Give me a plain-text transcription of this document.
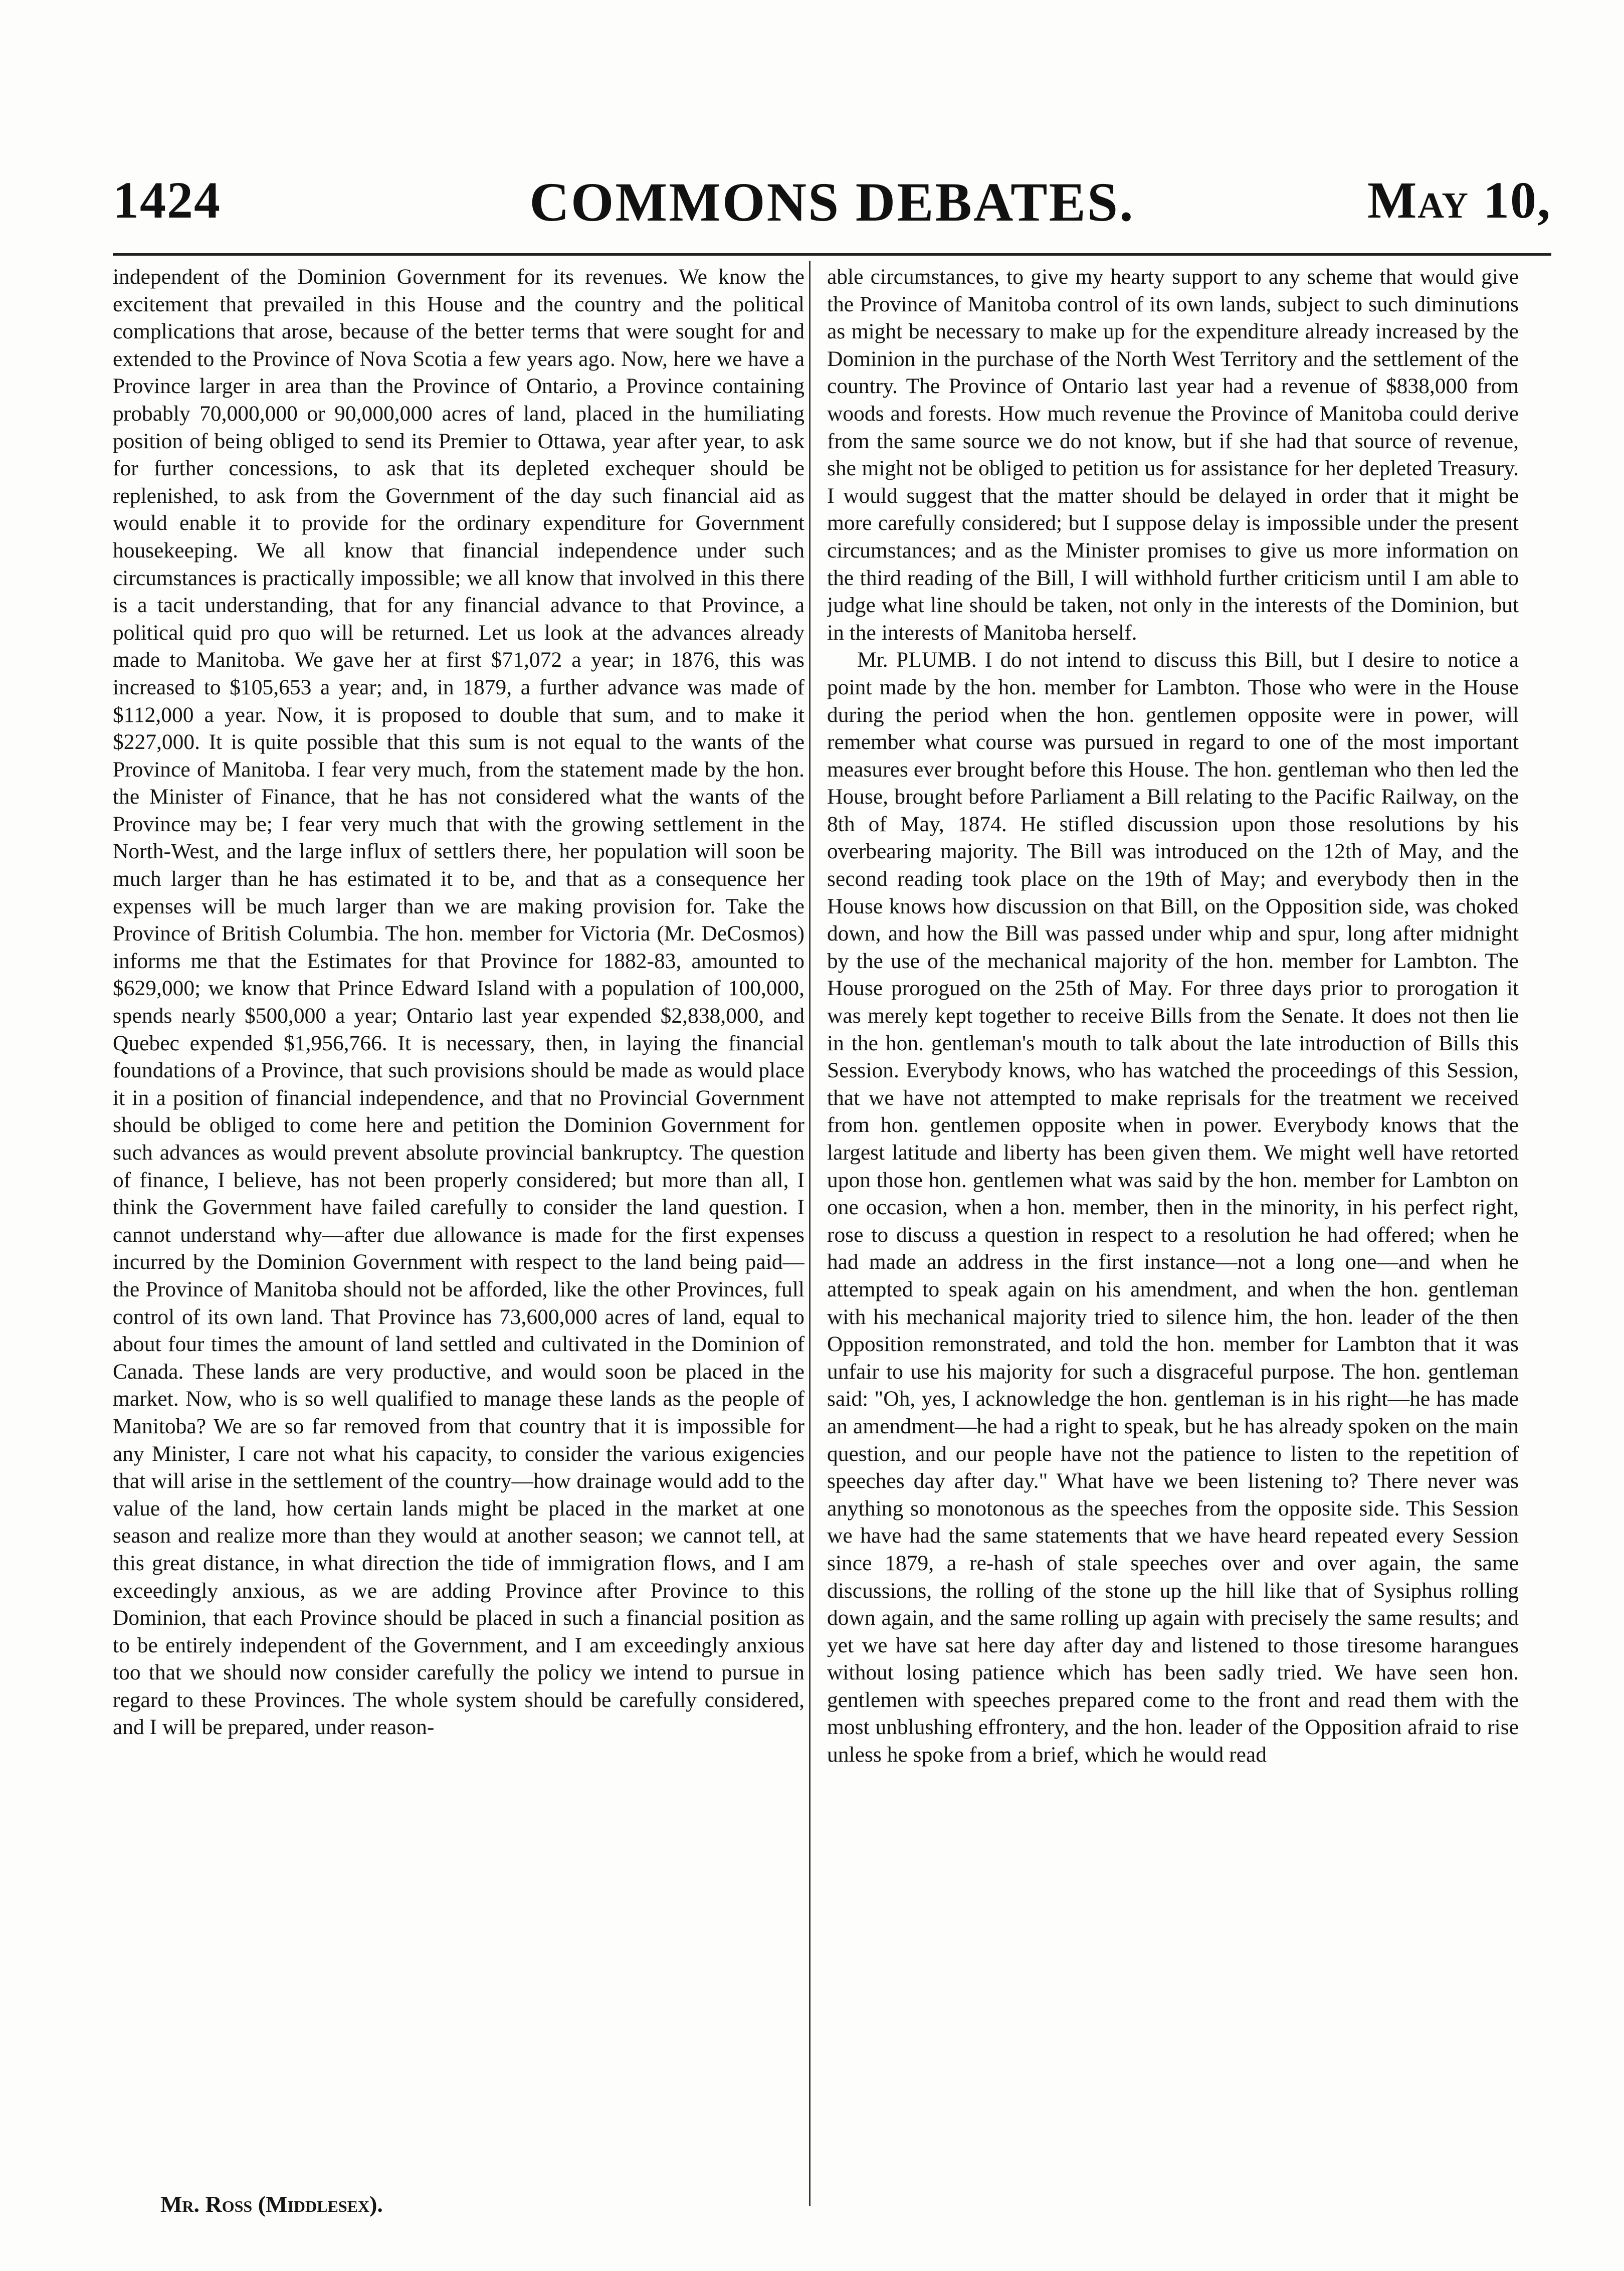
1424	COMMONS DEBATES.	May 10,

independent of the Dominion Government for its revenues. We know the excitement that prevailed in this House and the country and the political complications that arose, because of the better terms that were sought for and extended to the Province of Nova Scotia a few years ago. Now, here we have a Province larger in area than the Province of Ontario, a Province containing probably 70,000,000 or 90,000,000 acres of land, placed in the humiliating position of being obliged to send its Premier to Ottawa, year after year, to ask for further concessions, to ask that its depleted exchequer should be replenished, to ask from the Government of the day such financial aid as would enable it to provide for the ordinary expenditure for Government housekeeping. We all know that financial independence under such circumstances is practically impossible; we all know that involved in this there is a tacit understanding, that for any financial advance to that Province, a political quid pro quo will be returned. Let us look at the advances already made to Manitoba. We gave her at first $71,072 a year; in 1876, this was increased to $105,653 a year; and, in 1879, a further advance was made of $112,000 a year. Now, it is proposed to double that sum, and to make it $227,000. It is quite possible that this sum is not equal to the wants of the Province of Manitoba. I fear very much, from the statement made by the hon. the Minister of Finance, that he has not considered what the wants of the Province may be; I fear very much that with the growing settlement in the North-West, and the large influx of settlers there, her population will soon be much larger than he has estimated it to be, and that as a consequence her expenses will be much larger than we are making provision for. Take the Province of British Columbia. The hon. member for Victoria (Mr. DeCosmos) informs me that the Estimates for that Province for 1882-83, amounted to $629,000; we know that Prince Edward Island with a population of 100,000, spends nearly $500,000 a year; Ontario last year expended $2,838,000, and Quebec expended $1,956,766. It is necessary, then, in laying the financial foundations of a Province, that such provisions should be made as would place it in a position of financial independence, and that no Provincial Government should be obliged to come here and petition the Dominion Government for such advances as would prevent absolute provincial bankruptcy. The question of finance, I believe, has not been properly considered; but more than all, I think the Government have failed carefully to consider the land question. I cannot understand why—after due allowance is made for the first expenses incurred by the Dominion Government with respect to the land being paid—the Province of Manitoba should not be afforded, like the other Provinces, full control of its own land. That Province has 73,600,000 acres of land, equal to about four times the amount of land settled and cultivated in the Dominion of Canada. These lands are very productive, and would soon be placed in the market. Now, who is so well qualified to manage these lands as the people of Manitoba? We are so far removed from that country that it is impossible for any Minister, I care not what his capacity, to consider the various exigencies that will arise in the settlement of the country—how drainage would add to the value of the land, how certain lands might be placed in the market at one season and realize more than they would at another season; we cannot tell, at this great distance, in what direction the tide of immigration flows, and I am exceedingly anxious, as we are adding Province after Province to this Dominion, that each Province should be placed in such a financial position as to be entirely independent of the Government, and I am exceedingly anxious too that we should now consider carefully the policy we intend to pursue in regard to these Provinces. The whole system should be carefully considered, and I will be prepared, under reason-

able circumstances, to give my hearty support to any scheme that would give the Province of Manitoba control of its own lands, subject to such diminutions as might be necessary to make up for the expenditure already increased by the Dominion in the purchase of the North West Territory and the settlement of the country. The Province of Ontario last year had a revenue of $838,000 from woods and forests. How much revenue the Province of Manitoba could derive from the same source we do not know, but if she had that source of revenue, she might not be obliged to petition us for assistance for her depleted Treasury. I would suggest that the matter should be delayed in order that it might be more carefully considered; but I suppose delay is impossible under the present circumstances; and as the Minister promises to give us more information on the third reading of the Bill, I will withhold further criticism until I am able to judge what line should be taken, not only in the interests of the Dominion, but in the interests of Manitoba herself.

Mr. PLUMB. I do not intend to discuss this Bill, but I desire to notice a point made by the hon. member for Lambton. Those who were in the House during the period when the hon. gentlemen opposite were in power, will remember what course was pursued in regard to one of the most important measures ever brought before this House. The hon. gentleman who then led the House, brought before Parliament a Bill relating to the Pacific Railway, on the 8th of May, 1874. He stifled discussion upon those resolutions by his overbearing majority. The Bill was introduced on the 12th of May, and the second reading took place on the 19th of May; and everybody then in the House knows how discussion on that Bill, on the Opposition side, was choked down, and how the Bill was passed under whip and spur, long after midnight by the use of the mechanical majority of the hon. member for Lambton. The House prorogued on the 25th of May. For three days prior to prorogation it was merely kept together to receive Bills from the Senate. It does not then lie in the hon. gentleman's mouth to talk about the late introduction of Bills this Session. Everybody knows, who has watched the proceedings of this Session, that we have not attempted to make reprisals for the treatment we received from hon. gentlemen opposite when in power. Everybody knows that the largest latitude and liberty has been given them. We might well have retorted upon those hon. gentlemen what was said by the hon. member for Lambton on one occasion, when a hon. member, then in the minority, in his perfect right, rose to discuss a question in respect to a resolution he had offered; when he had made an address in the first instance—not a long one—and when he attempted to speak again on his amendment, and when the hon. gentleman with his mechanical majority tried to silence him, the hon. leader of the then Opposition remonstrated, and told the hon. member for Lambton that it was unfair to use his majority for such a disgraceful purpose. The hon. gentleman said: "Oh, yes, I acknowledge the hon. gentleman is in his right—he has made an amendment—he had a right to speak, but he has already spoken on the main question, and our people have not the patience to listen to the repetition of speeches day after day." What have we been listening to? There never was anything so monotonous as the speeches from the opposite side. This Session we have had the same statements that we have heard repeated every Session since 1879, a re-hash of stale speeches over and over again, the same discussions, the rolling of the stone up the hill like that of Sysiphus rolling down again, and the same rolling up again with precisely the same results; and yet we have sat here day after day and listened to those tiresome harangues without losing patience which has been sadly tried. We have seen hon. gentlemen with speeches prepared come to the front and read them with the most unblushing effrontery, and the hon. leader of the Opposition afraid to rise unless he spoke from a brief, which he would read

Mr. Ross (Middlesex).
